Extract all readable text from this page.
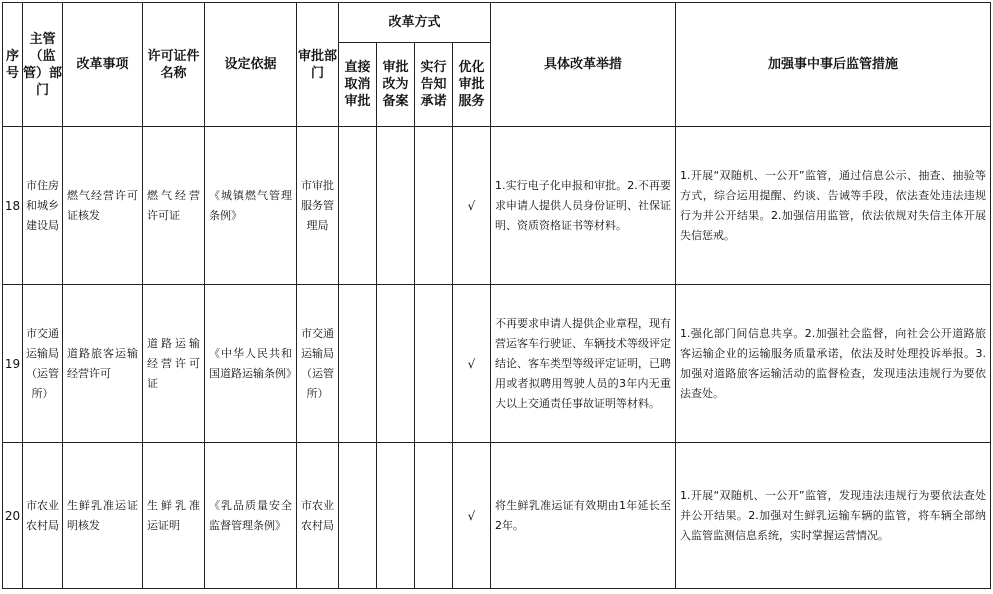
序号	主管（监管）部门	改革事项	许可证件名称	设定依据	审批部门	改革方式				具体改革举措	加强事中事后监管措施
						直接取消审批	审批改为备案	实行告知承诺	优化审批服务		
18	市住房和城乡建设局	燃气经营许可证核发	燃气经营许可证	《城镇燃气管理条例》	市审批服务管理局				√	1.实行电子化申报和审批。2.不再要求申请人提供人员身份证明、社保证明、资质资格证书等材料。	1.开展“双随机、一公开”监管，通过信息公示、抽查、抽验等方式，综合运用提醒、约谈、告诫等手段，依法查处违法违规行为并公开结果。2.加强信用监管，依法依规对失信主体开展失信惩戒。
19	市交通运输局（运管所）	道路旅客运输经营许可	道路运输经营许可证	《中华人民共和国道路运输条例》	市交通运输局（运管所）				√	不再要求申请人提供企业章程，现有营运客车行驶证、车辆技术等级评定结论、客车类型等级评定证明，已聘用或者拟聘用驾驶人员的3年内无重大以上交通责任事故证明等材料。	1.强化部门间信息共享。2.加强社会监督，向社会公开道路旅客运输企业的运输服务质量承诺，依法及时处理投诉举报。3.加强对道路旅客运输活动的监督检查，发现违法违规行为要依法查处。
20	市农业农村局	生鲜乳准运证明核发	生鲜乳准运证明	《乳品质量安全监督管理条例》	市农业农村局				√	将生鲜乳准运证有效期由1年延长至2年。	1.开展“双随机、一公开”监管，发现违法违规行为要依法查处并公开结果。2.加强对生鲜乳运输车辆的监管，将车辆全部纳入监管监测信息系统，实时掌握运营情况。
